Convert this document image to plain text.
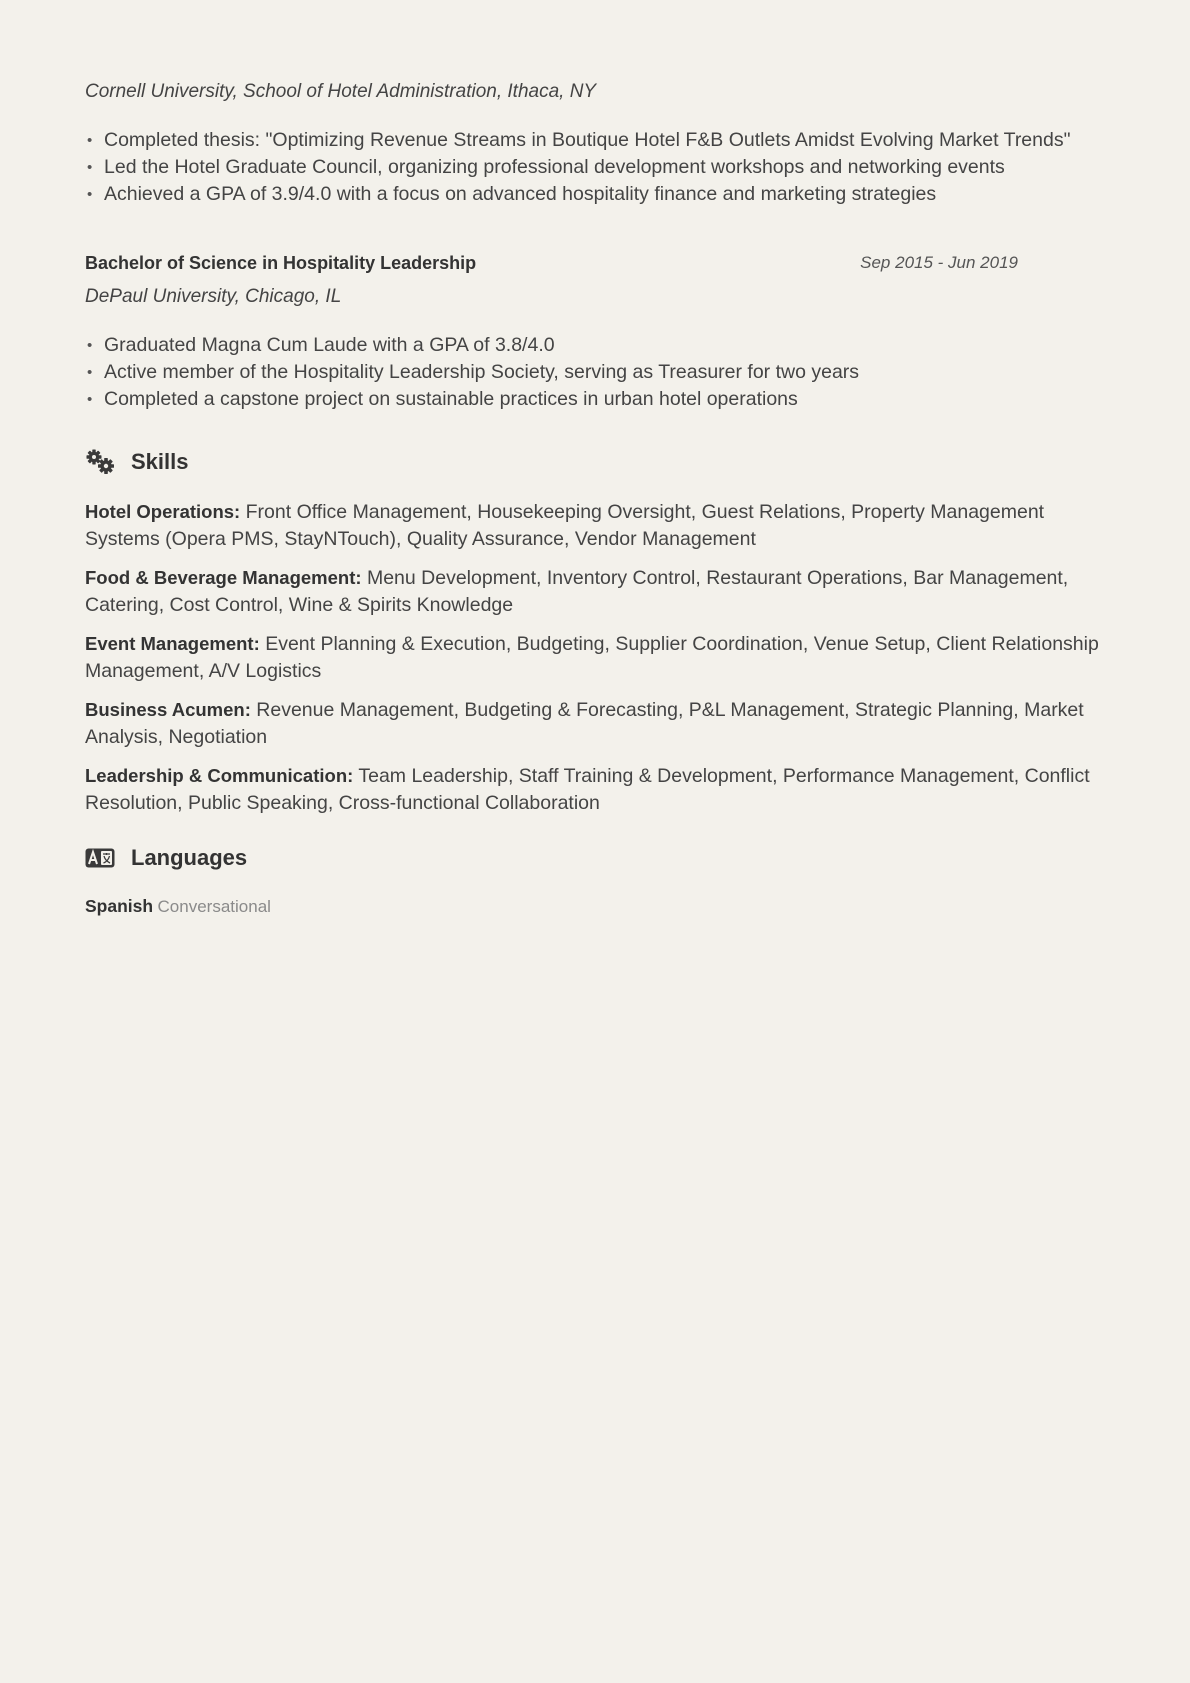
Cornell University, School of Hotel Administration, Ithaca, NY

• Completed thesis: "Optimizing Revenue Streams in Boutique Hotel F&B Outlets Amidst Evolving Market Trends"
• Led the Hotel Graduate Council, organizing professional development workshops and networking events
• Achieved a GPA of 3.9/4.0 with a focus on advanced hospitality finance and marketing strategies
Bachelor of Science in Hospitality Leadership	Sep 2015 - Jun 2019

DePaul University, Chicago, IL

• Graduated Magna Cum Laude with a GPA of 3.8/4.0
• Active member of the Hospitality Leadership Society, serving as Treasurer for two years
• Completed a capstone project on sustainable practices in urban hotel operations
Skills

Hotel Operations: Front Office Management, Housekeeping Oversight, Guest Relations, Property Management Systems (Opera PMS, StayNTouch), Quality Assurance, Vendor Management

Food & Beverage Management: Menu Development, Inventory Control, Restaurant Operations, Bar Management, Catering, Cost Control, Wine & Spirits Knowledge

Event Management: Event Planning & Execution, Budgeting, Supplier Coordination, Venue Setup, Client Relationship Management, A/V Logistics

Business Acumen: Revenue Management, Budgeting & Forecasting, P&L Management, Strategic Planning, Market Analysis, Negotiation

Leadership & Communication: Team Leadership, Staff Training & Development, Performance Management, Conflict Resolution, Public Speaking, Cross-functional Collaboration

Languages
Spanish Conversational
